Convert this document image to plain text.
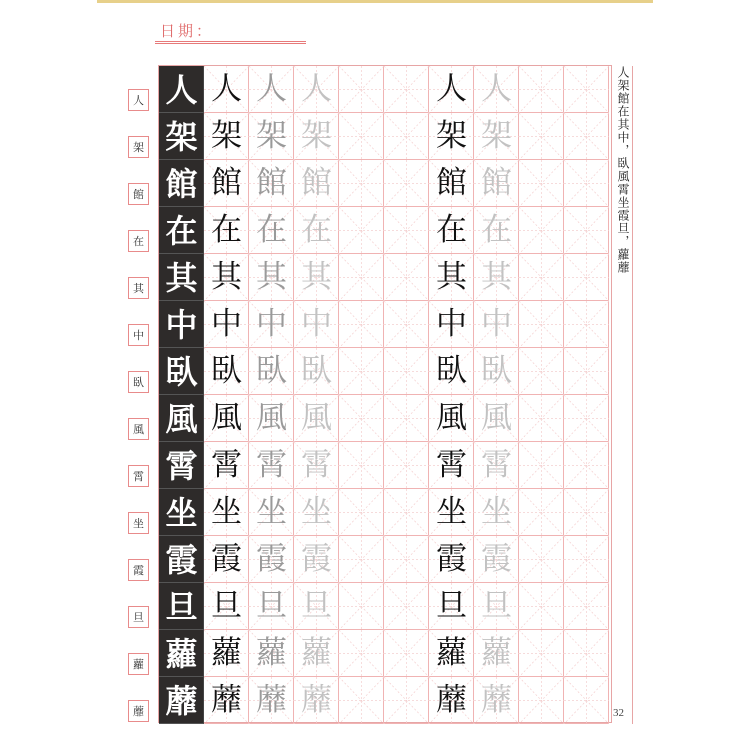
日期：
人
架
館
在
其
中
臥
風
霄
坐
霞
旦
蘿
蘼
人 人 人 人	人 人
架 架 架 架	架 架
館 館 館 館	館 館
在 在 在 在	在 在
其 其 其 其	其 其
中 中 中 中	中 中
臥 臥 臥 臥	臥 臥
風 風 風 風	風 風
霄 霄 霄 霄	霄 霄
坐 坐 坐 坐	坐 坐
霞 霞 霞 霞	霞 霞
旦 旦 旦 旦	旦 旦
蘿 蘿 蘿 蘿	蘿 蘿
蘼 蘼 蘼 蘼	蘼 蘼
人架館在其中，臥風霄坐霞旦，蘿蘼
32
